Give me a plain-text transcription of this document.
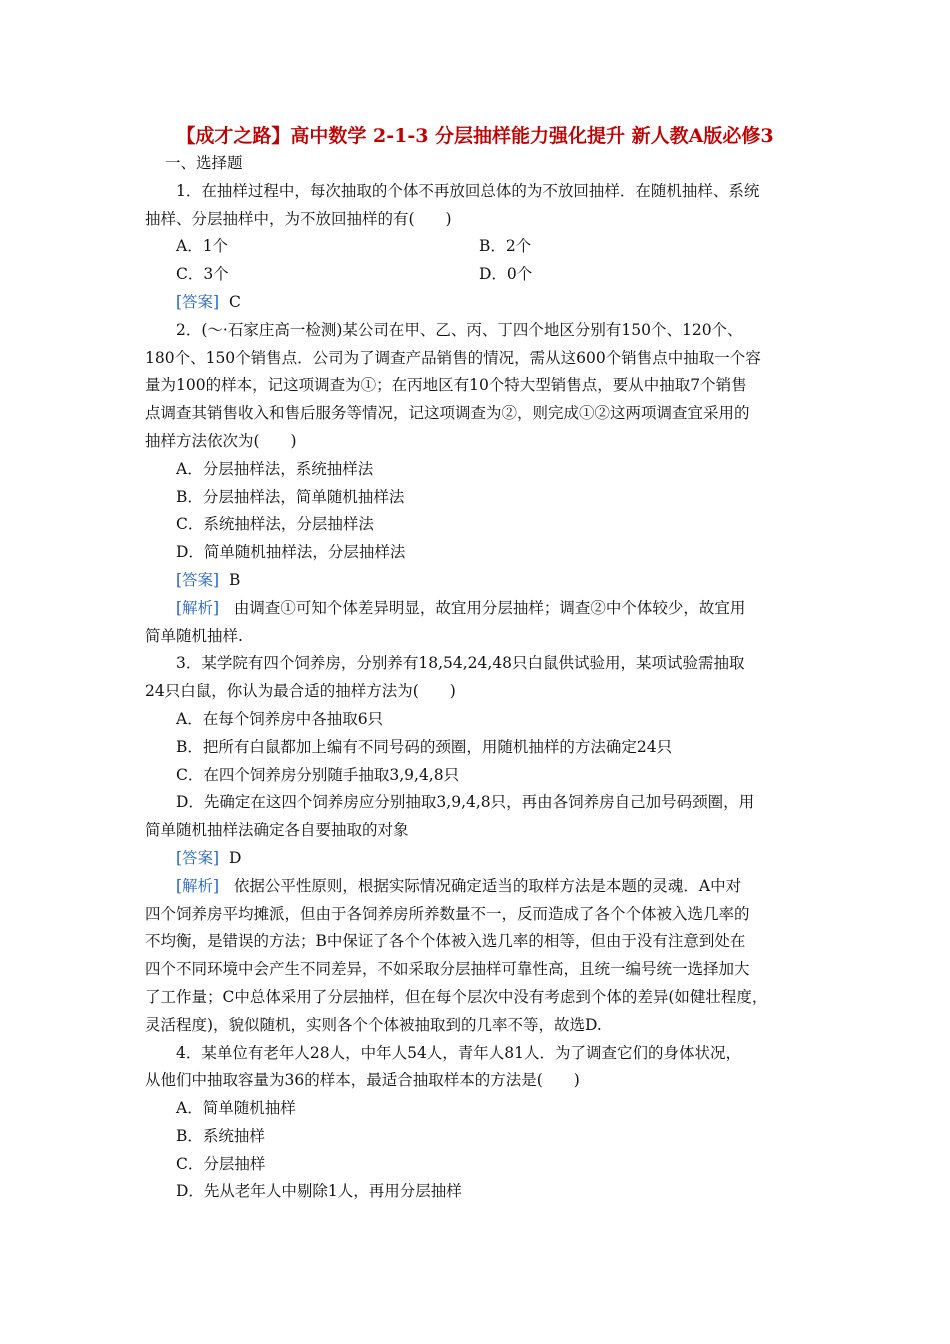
【成才之路】高中数学 2-1-3 分层抽样能力强化提升 新人教A版必修3
一、选择题
1．在抽样过程中，每次抽取的个体不再放回总体的为不放回抽样．在随机抽样、系统
抽样、分层抽样中，为不放回抽样的有(　　)
A．1个	B．2个
C．3个	D．0个
[答案] C
2．(～·石家庄高一检测)某公司在甲、乙、丙、丁四个地区分别有150个、120个、
180个、150个销售点．公司为了调查产品销售的情况，需从这600个销售点中抽取一个容
量为100的样本，记这项调查为①；在丙地区有10个特大型销售点，要从中抽取7个销售
点调查其销售收入和售后服务等情况，记这项调查为②，则完成①②这两项调查宜采用的
抽样方法依次为(　　)
A．分层抽样法，系统抽样法
B．分层抽样法，简单随机抽样法
C．系统抽样法，分层抽样法
D．简单随机抽样法，分层抽样法
[答案] B
[解析] 由调查①可知个体差异明显，故宜用分层抽样；调查②中个体较少，故宜用
简单随机抽样.
3．某学院有四个饲养房，分别养有18,54,24,48只白鼠供试验用，某项试验需抽取
24只白鼠，你认为最合适的抽样方法为(　　)
A．在每个饲养房中各抽取6只
B．把所有白鼠都加上编有不同号码的颈圈，用随机抽样的方法确定24只
C．在四个饲养房分别随手抽取3,9,4,8只
D．先确定在这四个饲养房应分别抽取3,9,4,8只，再由各饲养房自己加号码颈圈，用
简单随机抽样法确定各自要抽取的对象
[答案] D
[解析] 依据公平性原则，根据实际情况确定适当的取样方法是本题的灵魂．A中对
四个饲养房平均摊派，但由于各饲养房所养数量不一，反而造成了各个个体被入选几率的
不均衡，是错误的方法；B中保证了各个个体被入选几率的相等，但由于没有注意到处在
四个不同环境中会产生不同差异，不如采取分层抽样可靠性高，且统一编号统一选择加大
了工作量；C中总体采用了分层抽样，但在每个层次中没有考虑到个体的差异(如健壮程度，
灵活程度)，貌似随机，实则各个个体被抽取到的几率不等，故选D.
4．某单位有老年人28人，中年人54人，青年人81人．为了调查它们的身体状况，
从他们中抽取容量为36的样本，最适合抽取样本的方法是(　　)
A．简单随机抽样
B．系统抽样
C．分层抽样
D．先从老年人中剔除1人，再用分层抽样
